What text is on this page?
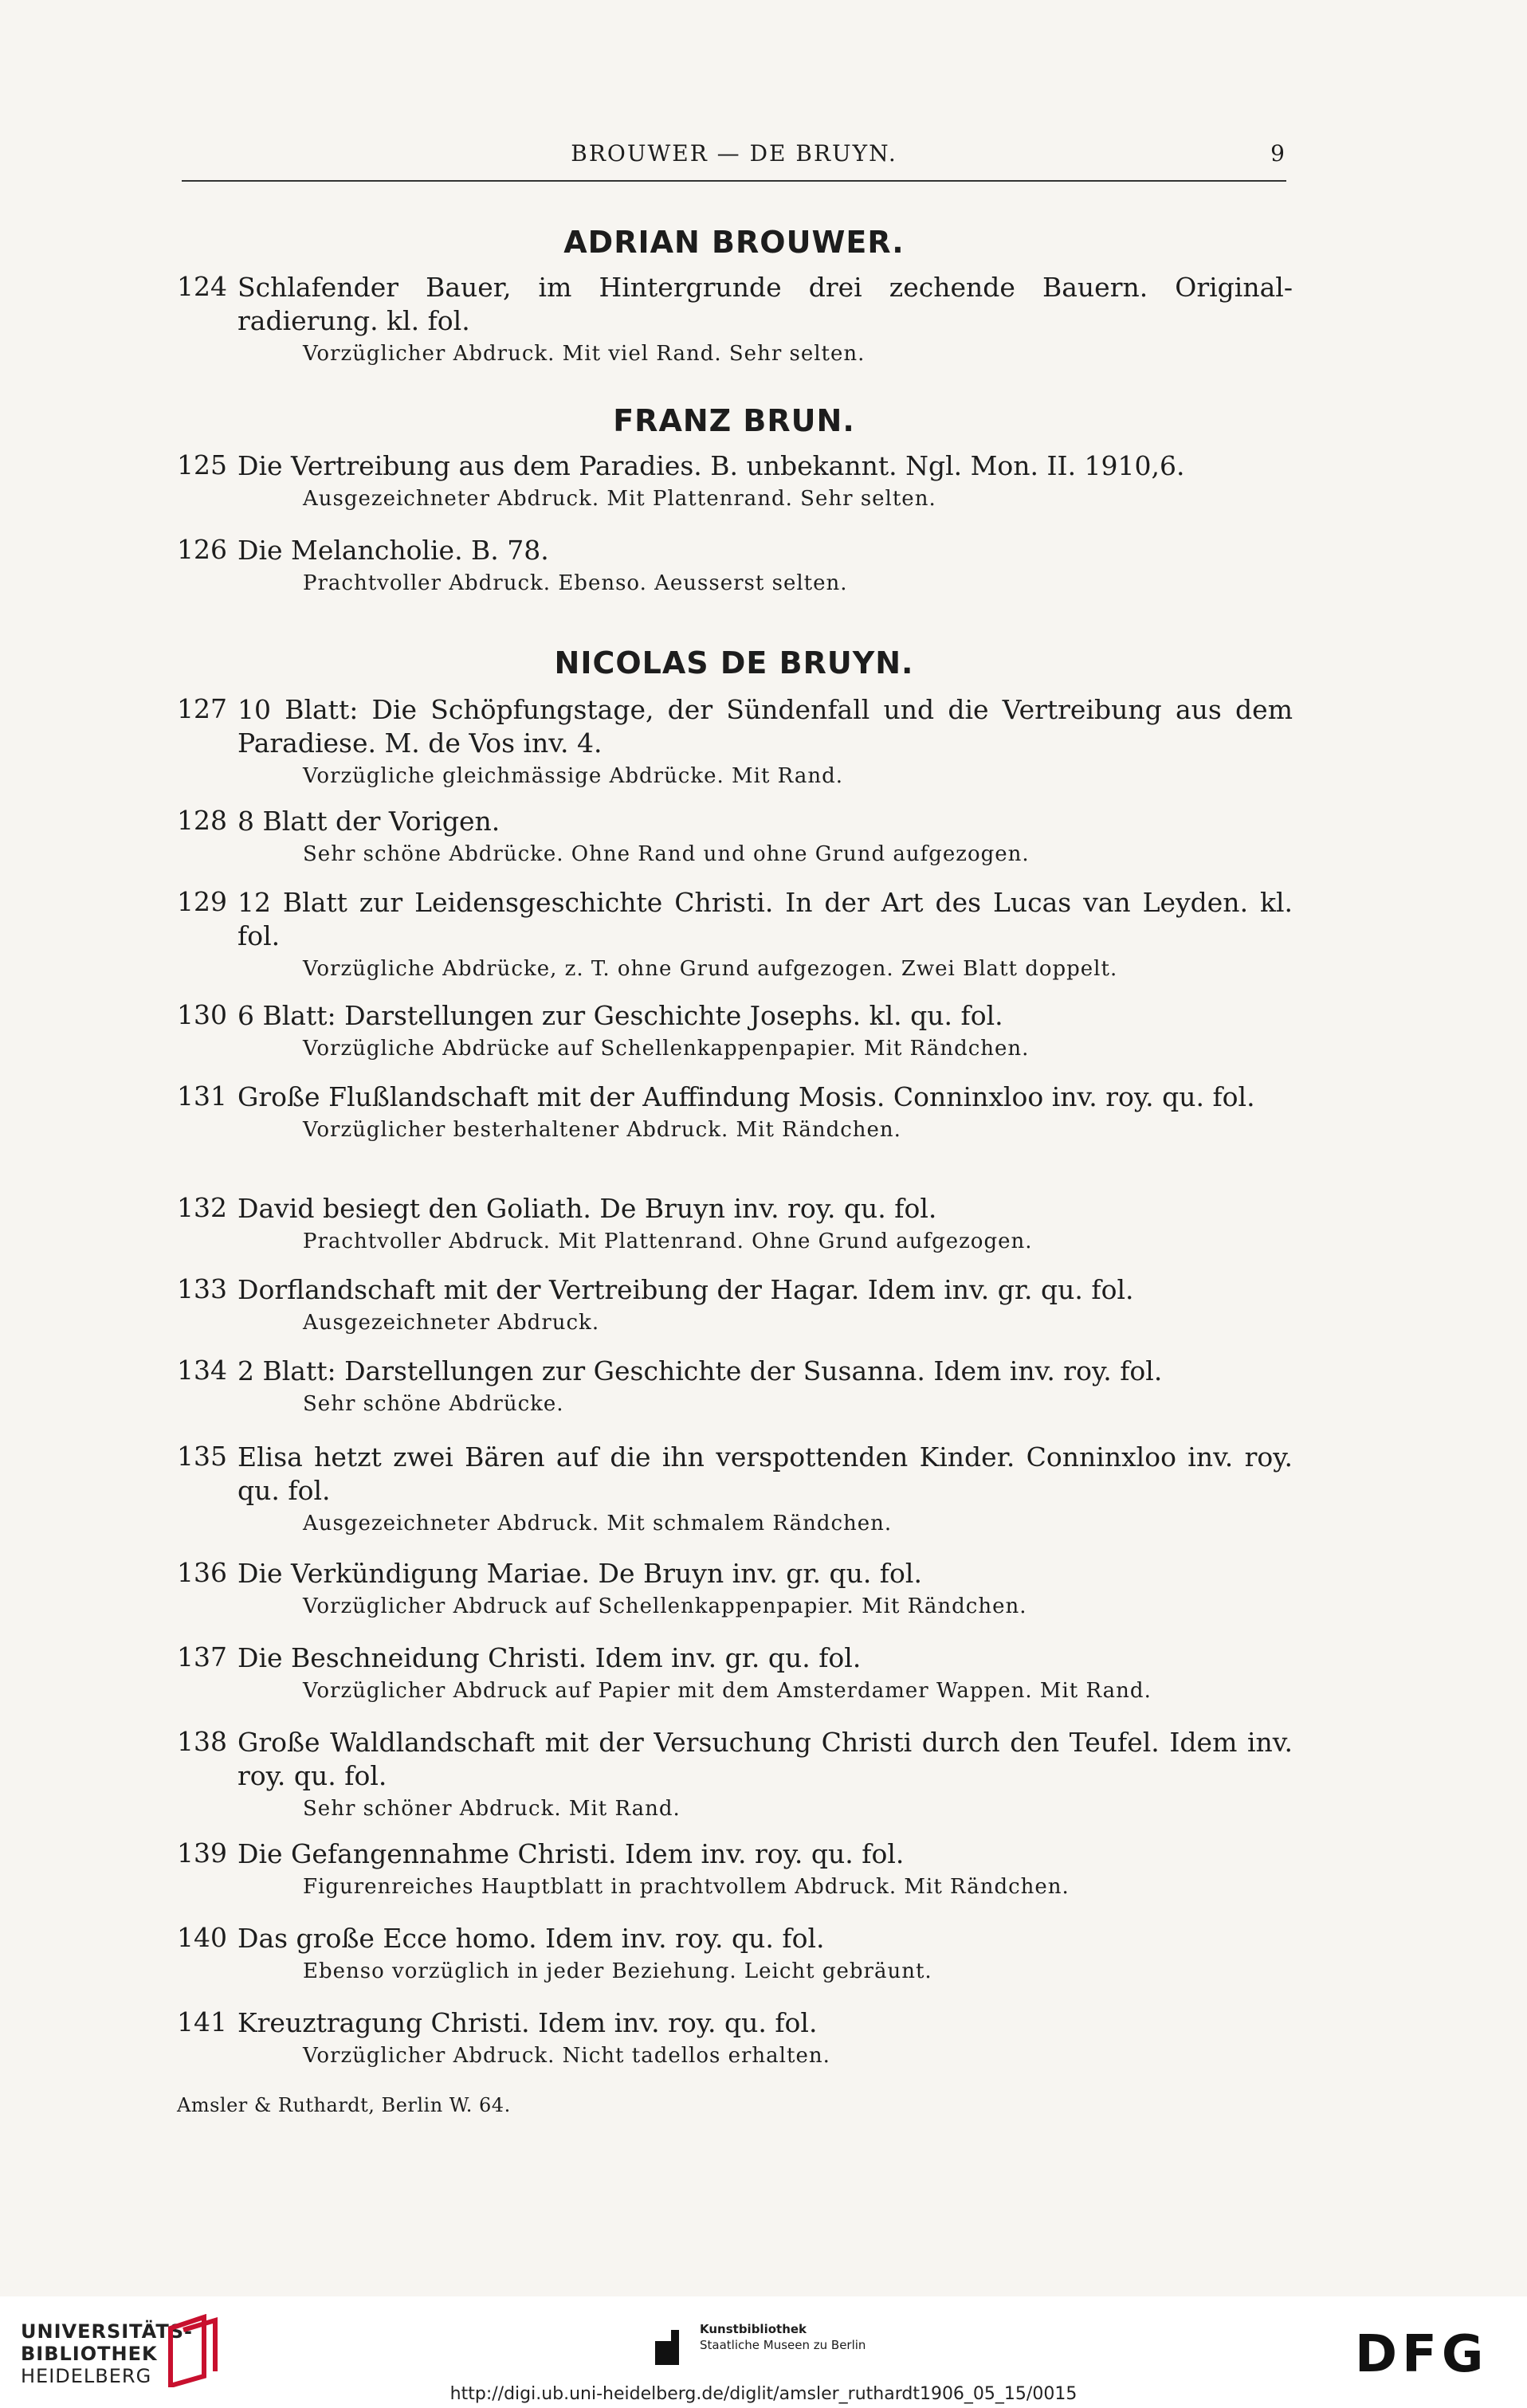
BROUWER — DE BRUYN.	9
ADRIAN BROUWER.
124 Schlafender Bauer, im Hintergrunde drei zechende Bauern. Original-radierung. kl. fol.
Vorzüglicher Abdruck. Mit viel Rand. Sehr selten.
FRANZ BRUN.
125 Die Vertreibung aus dem Paradies. B. unbekannt. Ngl. Mon. II. 1910,6.
Ausgezeichneter Abdruck. Mit Plattenrand. Sehr selten.
126 Die Melancholie. B. 78.
Prachtvoller Abdruck. Ebenso. Aeusserst selten.
NICOLAS DE BRUYN.
127 10 Blatt: Die Schöpfungstage, der Sündenfall und die Vertreibung aus dem Paradiese. M. de Vos inv. 4.
Vorzügliche gleichmässige Abdrücke. Mit Rand.
128 8 Blatt der Vorigen.
Sehr schöne Abdrücke. Ohne Rand und ohne Grund aufgezogen.
129 12 Blatt zur Leidensgeschichte Christi. In der Art des Lucas van Leyden. kl. fol.
Vorzügliche Abdrücke, z. T. ohne Grund aufgezogen. Zwei Blatt doppelt.
130 6 Blatt: Darstellungen zur Geschichte Josephs. kl. qu. fol.
Vorzügliche Abdrücke auf Schellenkappenpapier. Mit Rändchen.
131 Große Flußlandschaft mit der Auffindung Mosis. Conninxloo inv. roy. qu. fol.
Vorzüglicher besterhaltener Abdruck. Mit Rändchen.
132 David besiegt den Goliath. De Bruyn inv. roy. qu. fol.
Prachtvoller Abdruck. Mit Plattenrand. Ohne Grund aufgezogen.
133 Dorflandschaft mit der Vertreibung der Hagar. Idem inv. gr. qu. fol.
Ausgezeichneter Abdruck.
134 2 Blatt: Darstellungen zur Geschichte der Susanna. Idem inv. roy. fol.
Sehr schöne Abdrücke.
135 Elisa hetzt zwei Bären auf die ihn verspottenden Kinder. Conninxloo inv. roy. qu. fol.
Ausgezeichneter Abdruck. Mit schmalem Rändchen.
136 Die Verkündigung Mariae. De Bruyn inv. gr. qu. fol.
Vorzüglicher Abdruck auf Schellenkappenpapier. Mit Rändchen.
137 Die Beschneidung Christi. Idem inv. gr. qu. fol.
Vorzüglicher Abdruck auf Papier mit dem Amsterdamer Wappen. Mit Rand.
138 Große Waldlandschaft mit der Versuchung Christi durch den Teufel. Idem inv. roy. qu. fol.
Sehr schöner Abdruck. Mit Rand.
139 Die Gefangennahme Christi. Idem inv. roy. qu. fol.
Figurenreiches Hauptblatt in prachtvollem Abdruck. Mit Rändchen.
140 Das große Ecce homo. Idem inv. roy. qu. fol.
Ebenso vorzüglich in jeder Beziehung. Leicht gebräunt.
141 Kreuztragung Christi. Idem inv. roy. qu. fol.
Vorzüglicher Abdruck. Nicht tadellos erhalten.
Amsler & Ruthardt, Berlin W. 64.
UNIVERSITÄTS-
BIBLIOTHEK
HEIDELBERG
Kunstbibliothek
Staatliche Museen zu Berlin	DFG
http://digi.ub.uni-heidelberg.de/diglit/amsler_ruthardt1906_05_15/0015
